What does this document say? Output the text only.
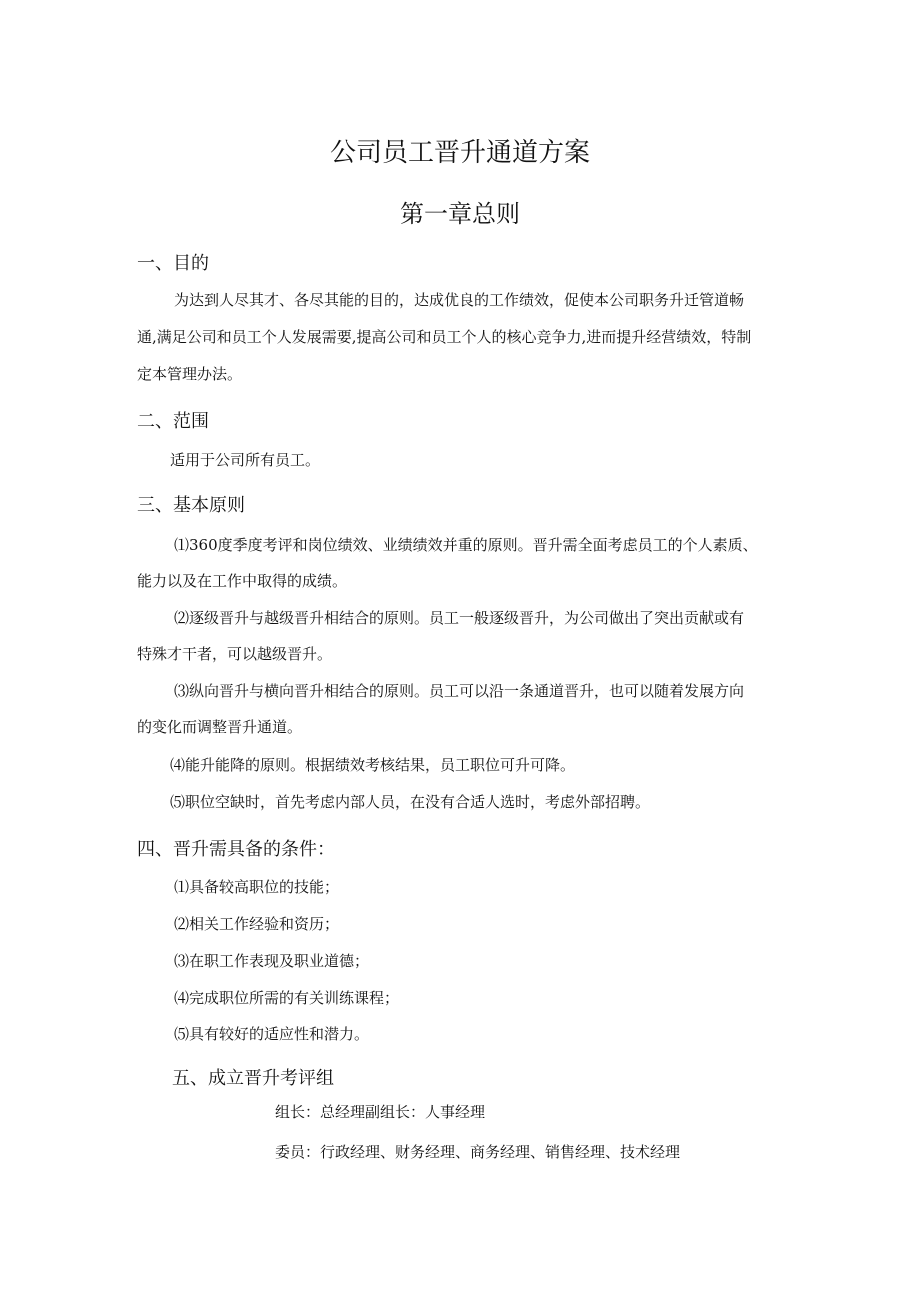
公司员工晋升通道方案
第一章总则
一、目的
为达到人尽其才、各尽其能的目的，达成优良的工作绩效，促使本公司职务升迁管道畅
通,满足公司和员工个人发展需要,提高公司和员工个人的核心竞争力,进而提升经营绩效，特制
定本管理办法。
二、范围
适用于公司所有员工。
三、基本原则
⑴360度季度考评和岗位绩效、业绩绩效并重的原则。晋升需全面考虑员工的个人素质、
能力以及在工作中取得的成绩。
⑵逐级晋升与越级晋升相结合的原则。员工一般逐级晋升，为公司做出了突出贡献或有
特殊才干者，可以越级晋升。
⑶纵向晋升与横向晋升相结合的原则。员工可以沿一条通道晋升，也可以随着发展方向
的变化而调整晋升通道。
⑷能升能降的原则。根据绩效考核结果，员工职位可升可降。
⑸职位空缺时，首先考虑内部人员，在没有合适人选时，考虑外部招聘。
四、晋升需具备的条件：
⑴具备较高职位的技能；
⑵相关工作经验和资历；
⑶在职工作表现及职业道德；
⑷完成职位所需的有关训练课程；
⑸具有较好的适应性和潜力。
五、成立晋升考评组
组长：总经理副组长：人事经理
委员：行政经理、财务经理、商务经理、销售经理、技术经理
